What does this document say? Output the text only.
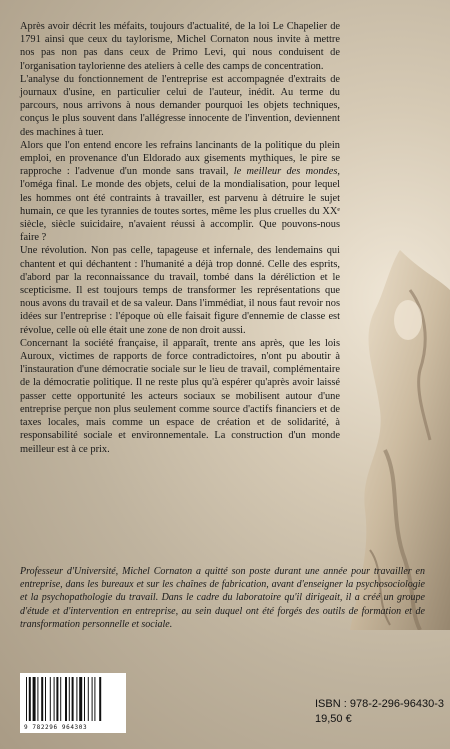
Après avoir décrit les méfaits, toujours d'actualité, de la loi Le Chapelier de 1791 ainsi que ceux du taylorisme, Michel Cornaton nous invite à mettre nos pas non pas dans ceux de Primo Levi, qui nous conduisent de l'organisation taylorienne des ateliers à celle des camps de concentration.

L'analyse du fonctionnement de l'entreprise est accompagnée d'extraits de journaux d'usine, en particulier celui de l'auteur, inédit. Au terme du parcours, nous arrivons à nous demander pourquoi les objets techniques, conçus le plus souvent dans l'allégresse innocente de l'invention, deviennent des machines à tuer.

Alors que l'on entend encore les refrains lancinants de la politique du plein emploi, en provenance d'un Eldorado aux gisements mythiques, le pire se rapproche : l'advenue d'un monde sans travail, le meilleur des mondes, l'oméga final. Le monde des objets, celui de la mondialisation, pour lequel les hommes ont été contraints à travailler, est parvenu à détruire le sujet humain, ce que les tyrannies de toutes sortes, même les plus cruelles du XXᵉ siècle, siècle suicidaire, n'avaient réussi à accomplir. Que pouvons-nous faire ?

Une révolution. Non pas celle, tapageuse et infernale, des lendemains qui chantent et qui déchantent : l'humanité a déjà trop donné. Celle des esprits, d'abord par la reconnaissance du travail, tombé dans la déréliction et le scepticisme. Il est toujours temps de transformer les représentations que nous avons du travail et de sa valeur. Dans l'immédiat, il nous faut revoir nos idées sur l'entreprise : l'époque où elle faisait figure d'ennemie de classe est révolue, celle où elle était une zone de non droit aussi.

Concernant la société française, il apparaît, trente ans après, que les lois Auroux, victimes de rapports de force contradictoires, n'ont pu aboutir à l'instauration d'une démocratie sociale sur le lieu de travail, complémentaire de la démocratie politique. Il ne reste plus qu'à espérer qu'après avoir laissé passer cette opportunité les acteurs sociaux se mobilisent autour d'une entreprise perçue non plus seulement comme source d'actifs financiers et de taxes locales, mais comme un espace de création et de solidarité, à responsabilité sociale et environnementale. La construction d'un monde meilleur est à ce prix.

Professeur d'Université, Michel Cornaton a quitté son poste durant une année pour travailler en entreprise, dans les bureaux et sur les chaînes de fabrication, avant d'enseigner la psychosociologie et la psychopathologie du travail. Dans le cadre du laboratoire qu'il dirigeait, il a créé un groupe d'étude et d'intervention en entreprise, au sein duquel ont été forgés des outils de formation et de transformation personnelle et sociale.

9 782296 964303
ISBN : 978-2-296-96430-3
19,50 €
